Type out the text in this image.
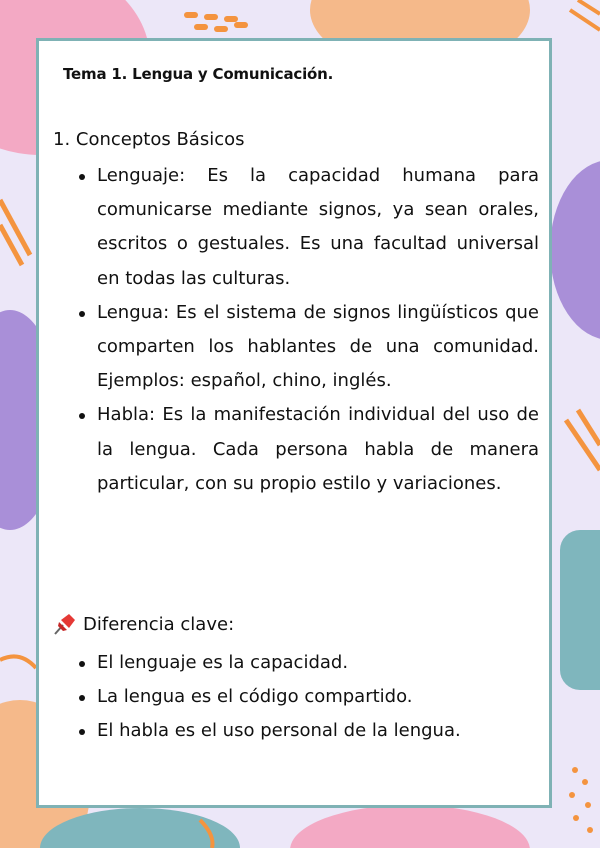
Tema 1. Lengua y Comunicación.
1. Conceptos Básicos
Lenguaje: Es la capacidad humana para comunicarse mediante signos, ya sean orales, escritos o gestuales. Es una facultad universal en todas las culturas.
Lengua: Es el sistema de signos lingüísticos que comparten los hablantes de una comunidad. Ejemplos: español, chino, inglés.
Habla: Es la manifestación individual del uso de la lengua. Cada persona habla de manera particular, con su propio estilo y variaciones.
Diferencia clave:
El lenguaje es la capacidad.
La lengua es el código compartido.
El habla es el uso personal de la lengua.
